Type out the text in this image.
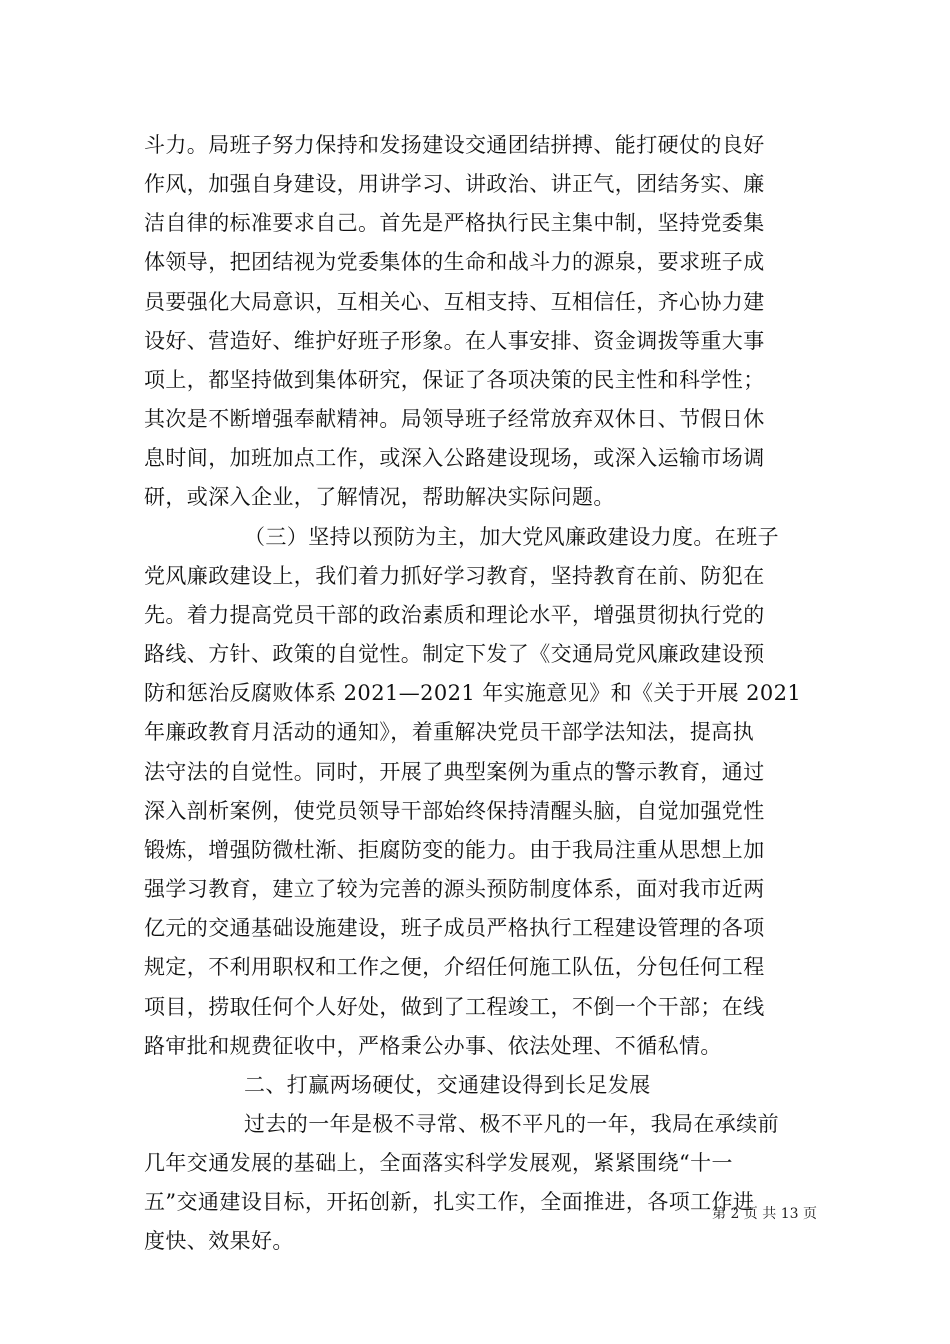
斗力。局班子努力保持和发扬建设交通团结拼搏、能打硬仗的良好
作风，加强自身建设，用讲学习、讲政治、讲正气，团结务实、廉
洁自律的标准要求自己。首先是严格执行民主集中制，坚持党委集
体领导，把团结视为党委集体的生命和战斗力的源泉，要求班子成
员要强化大局意识，互相关心、互相支持、互相信任，齐心协力建
设好、营造好、维护好班子形象。在人事安排、资金调拨等重大事
项上，都坚持做到集体研究，保证了各项决策的民主性和科学性；
其次是不断增强奉献精神。局领导班子经常放弃双休日、节假日休
息时间，加班加点工作，或深入公路建设现场，或深入运输市场调
研，或深入企业，了解情况，帮助解决实际问题。
（三）坚持以预防为主，加大党风廉政建设力度。在班子
党风廉政建设上，我们着力抓好学习教育，坚持教育在前、防犯在
先。着力提高党员干部的政治素质和理论水平，增强贯彻执行党的
路线、方针、政策的自觉性。制定下发了《交通局党风廉政建设预
防和惩治反腐败体系 2021—2021 年实施意见》和《关于开展 2021
年廉政教育月活动的通知》，着重解决党员干部学法知法，提高执
法守法的自觉性。同时，开展了典型案例为重点的警示教育，通过
深入剖析案例，使党员领导干部始终保持清醒头脑，自觉加强党性
锻炼，增强防微杜渐、拒腐防变的能力。由于我局注重从思想上加
强学习教育，建立了较为完善的源头预防制度体系，面对我市近两
亿元的交通基础设施建设，班子成员严格执行工程建设管理的各项
规定，不利用职权和工作之便，介绍任何施工队伍，分包任何工程
项目，捞取任何个人好处，做到了工程竣工，不倒一个干部；在线
路审批和规费征收中，严格秉公办事、依法处理、不循私情。
二、打赢两场硬仗，交通建设得到长足发展
过去的一年是极不寻常、极不平凡的一年，我局在承续前
几年交通发展的基础上，全面落实科学发展观，紧紧围绕“十一
五”交通建设目标，开拓创新，扎实工作，全面推进，各项工作进
度快、效果好。
第 2 页 共 13 页
